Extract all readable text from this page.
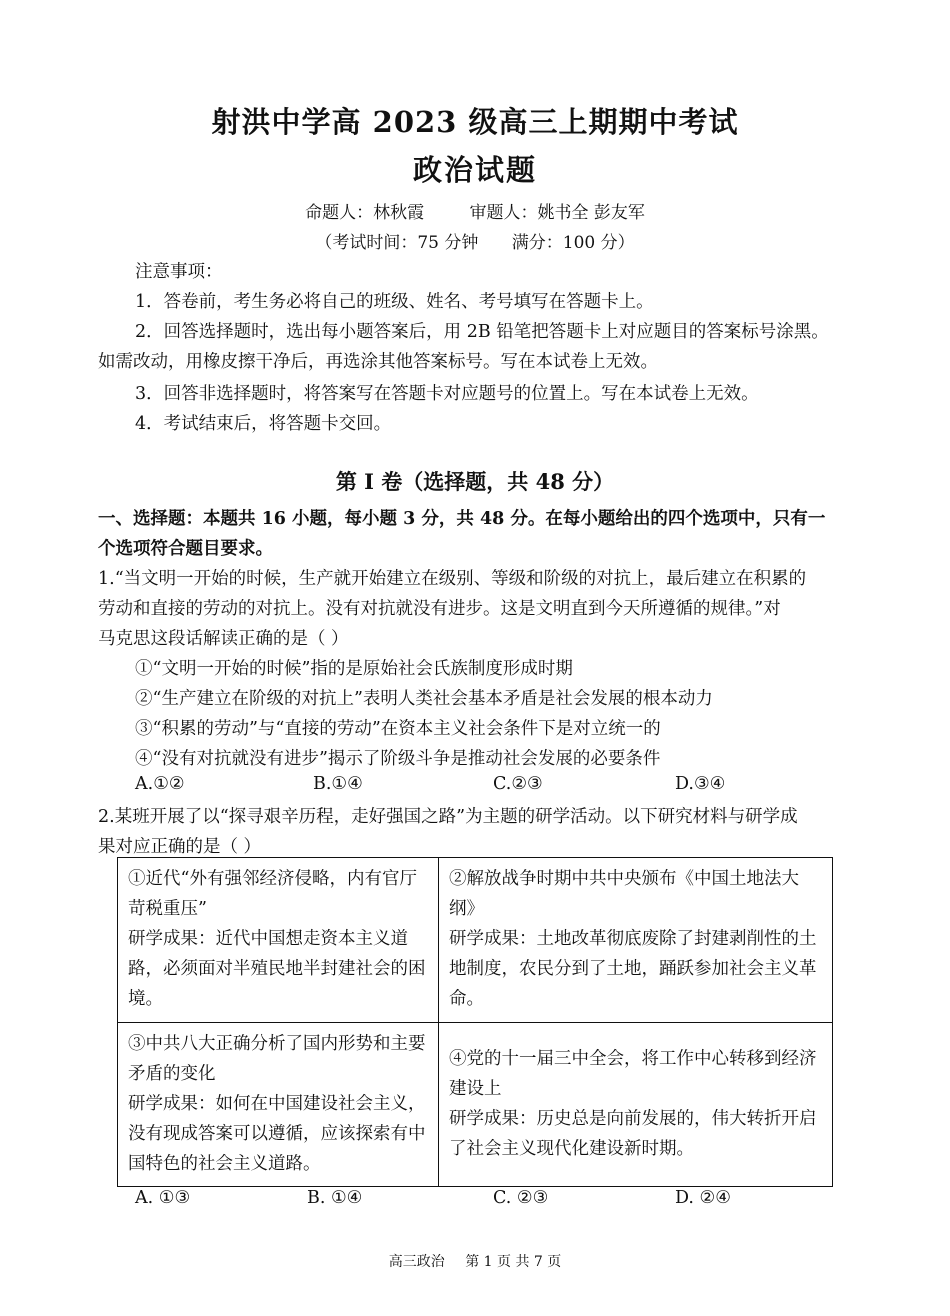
射洪中学高 2023 级高三上期期中考试
政治试题
命题人：林秋霞	审题人：姚书全 彭友军
（考试时间：75 分钟 满分：100 分）
注意事项：
1．答卷前，考生务必将自己的班级、姓名、考号填写在答题卡上。
2．回答选择题时，选出每小题答案后，用 2B 铅笔把答题卡上对应题目的答案标号涂黑。
如需改动，用橡皮擦干净后，再选涂其他答案标号。写在本试卷上无效。
3．回答非选择题时，将答案写在答题卡对应题号的位置上。写在本试卷上无效。
4．考试结束后，将答题卡交回。
第 I 卷（选择题，共 48 分）
一、选择题：本题共 16 小题，每小题 3 分，共 48 分。在每小题给出的四个选项中，只有一
个选项符合题目要求。
1.“当文明一开始的时候，生产就开始建立在级别、等级和阶级的对抗上，最后建立在积累的
劳动和直接的劳动的对抗上。没有对抗就没有进步。这是文明直到今天所遵循的规律。”对
马克思这段话解读正确的是（ ）
①“文明一开始的时候”指的是原始社会氏族制度形成时期
②“生产建立在阶级的对抗上”表明人类社会基本矛盾是社会发展的根本动力
③“积累的劳动”与“直接的劳动”在资本主义社会条件下是对立统一的
④“没有对抗就没有进步”揭示了阶级斗争是推动社会发展的必要条件
A.①②	B.①④	C.②③	D.③④
2.某班开展了以“探寻艰辛历程，走好强国之路”为主题的研学活动。以下研究材料与研学成
果对应正确的是（ ）
①近代“外有强邻经济侵略，内有官厅苛税重压”
研学成果：近代中国想走资本主义道路，必须面对半殖民地半封建社会的困境。	②解放战争时期中共中央颁布《中国土地法大纲》
研学成果：土地改革彻底废除了封建剥削性的土地制度，农民分到了土地，踊跃参加社会主义革命。

③中共八大正确分析了国内形势和主要矛盾的变化
研学成果：如何在中国建设社会主义，没有现成答案可以遵循，应该探索有中国特色的社会主义道路。	④党的十一届三中全会，将工作中心转移到经济建设上
研学成果：历史总是向前发展的，伟大转折开启了社会主义现代化建设新时期。
A. ①③	B. ①④	C. ②③	D. ②④
高三政治 第 1 页 共 7 页
